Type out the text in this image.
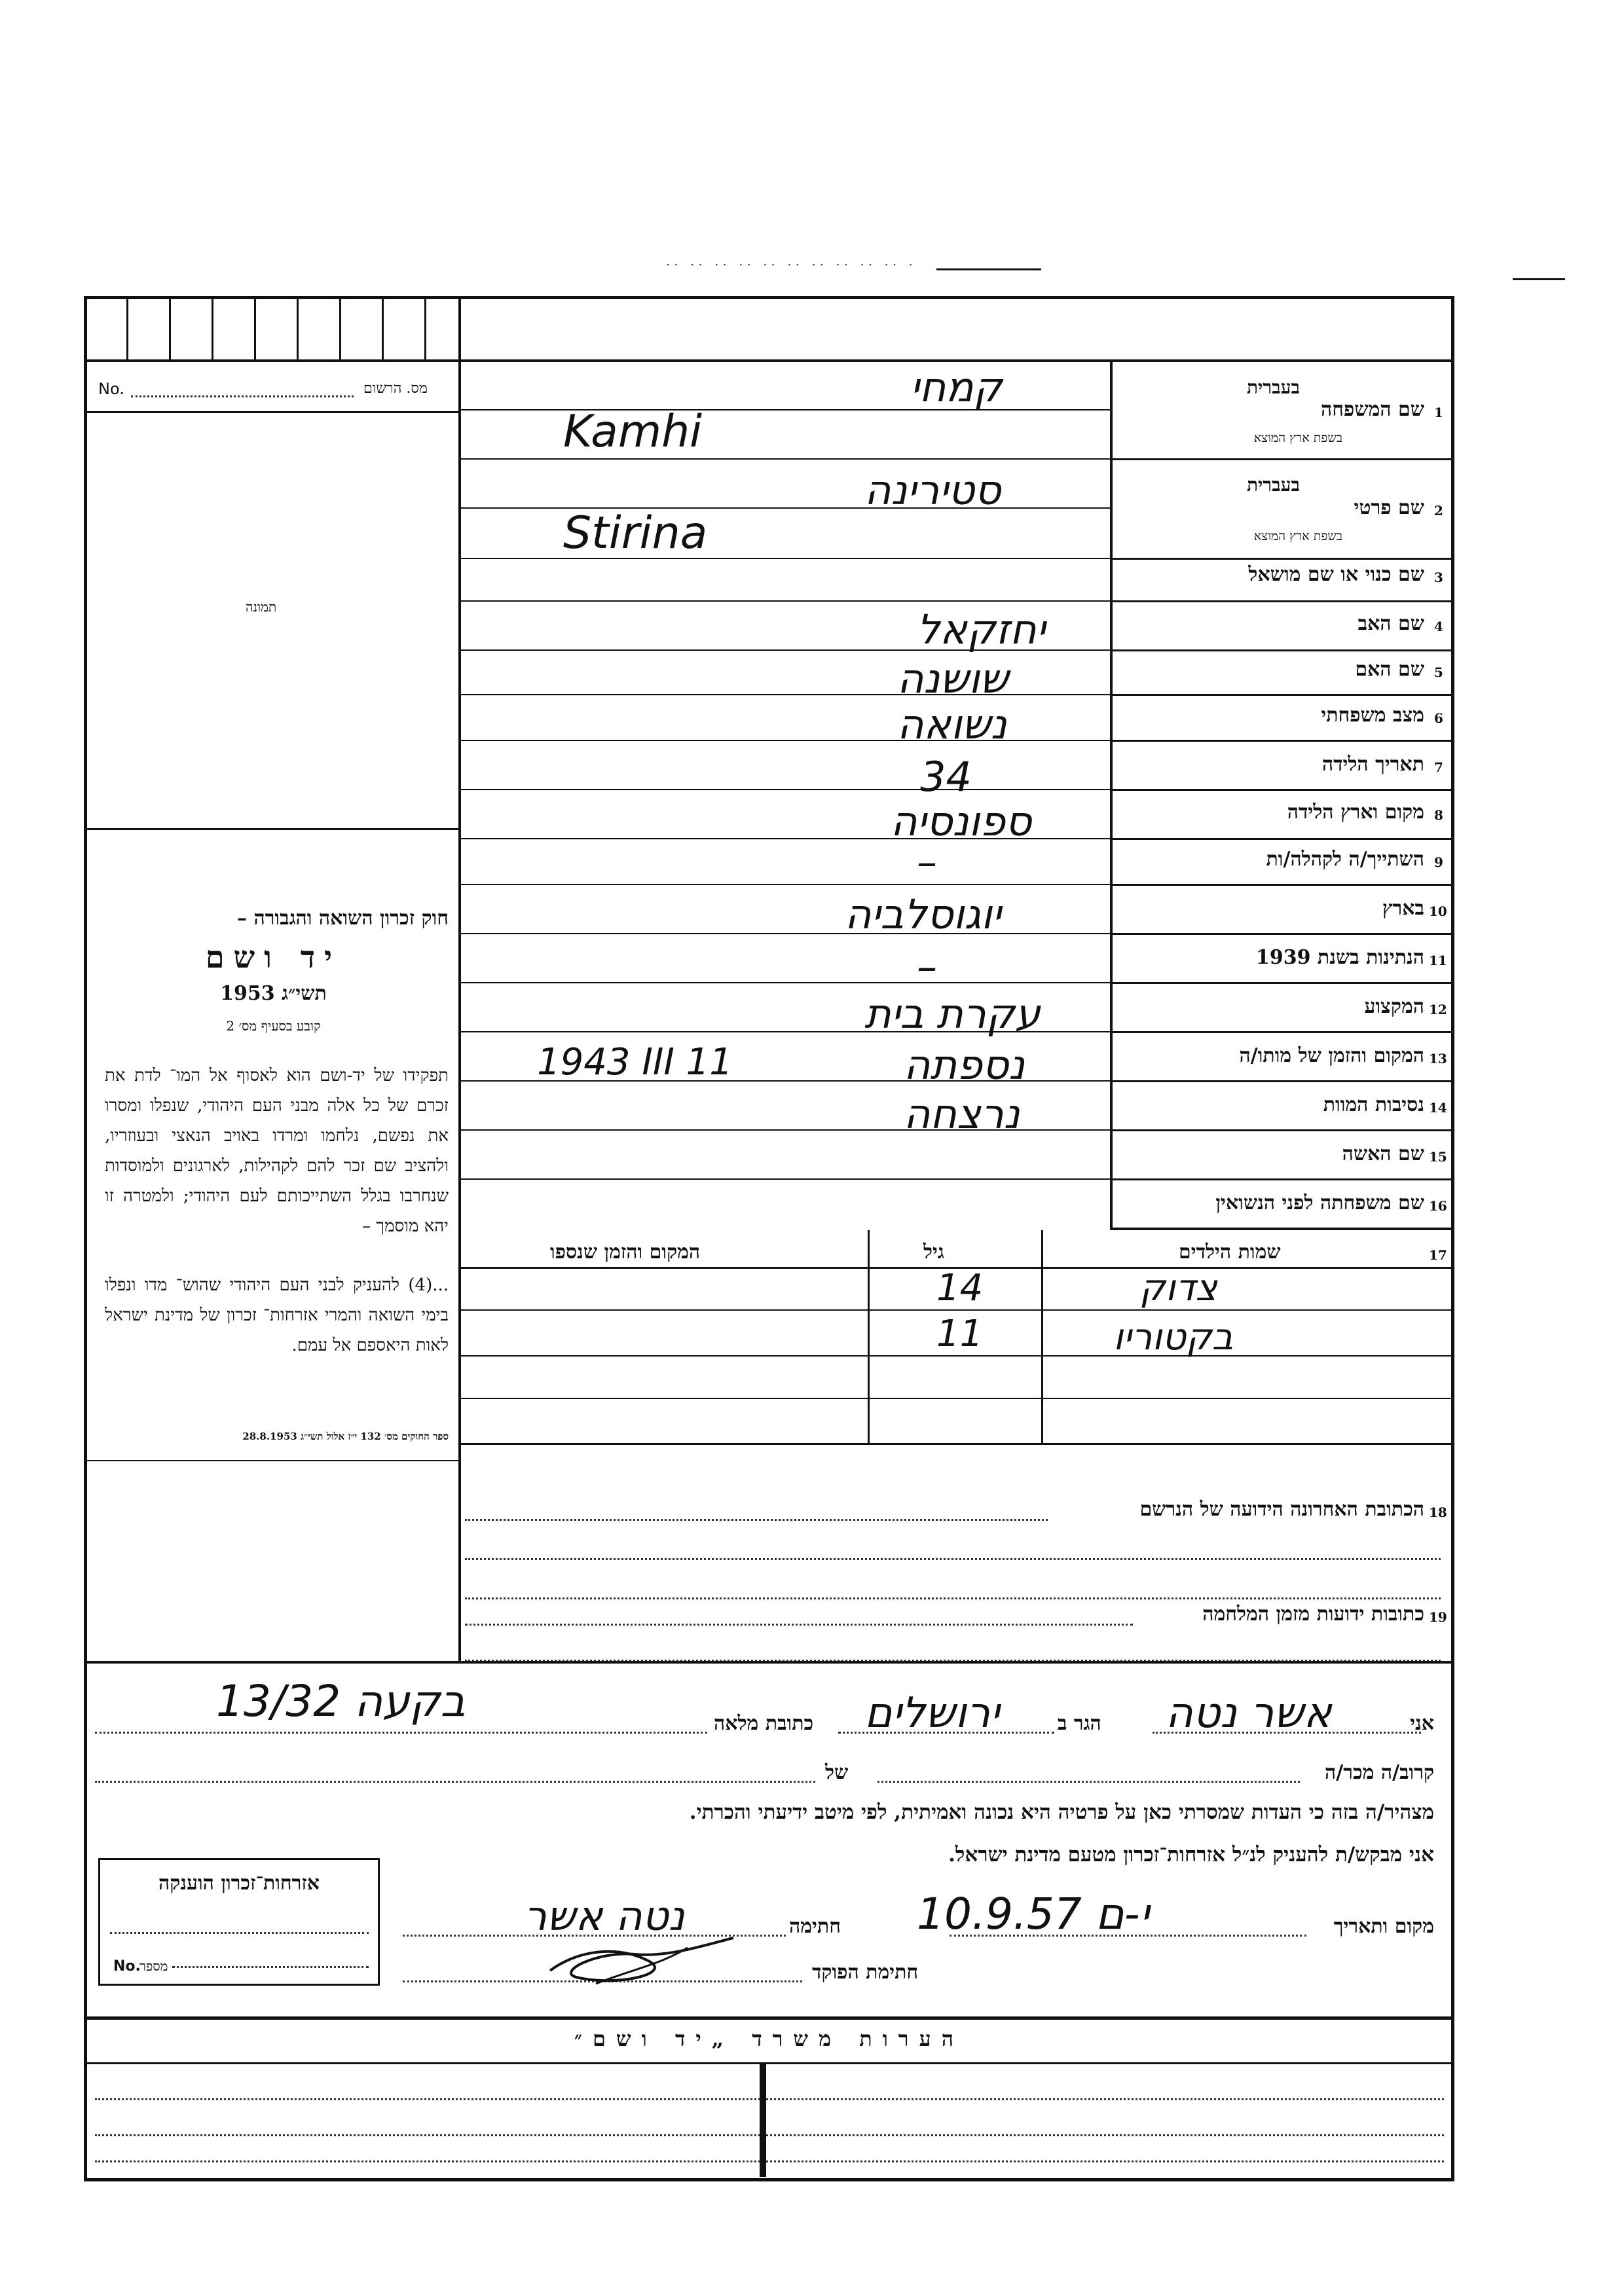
· ·· ·· ·· ·· ·· ·· ·· ·· ·· ··
No.	מס. הרשום
תמונה
חוק זכרון השואה והגבורה –
יד ושם
תשי״ג 1953
קובע בסעיף מס׳ 2
תפקידו של יד-ושם הוא לאסוף אל המו־ לדת את זכרם של כל אלה מבני העם היהודי, שנפלו ומסרו את נפשם, נלחמו ומרדו באויב הנאצי ובעוזריו, ולהציב שם זכר להם לקהילות, לארגונים ולמוסדות שנחרבו בגלל השתייכותם לעם היהודי; ולמטרה זו יהא מוסמך –
...(4) להעניק לבני העם היהודי שהוש־ מדו ונפלו בימי השואה והמרי אזרחות־ זכרון של מדינת ישראל לאות היאספם אל עמם.
ספר החוקים מס׳ 132 י״ז אלול תשי״ג 28.8.1953
1
שם המשפחה
בעברית
בשפת ארץ המוצא
קמחי
Kamhi
2
שם פרטי
בעברית
בשפת ארץ המוצא
סטירינה
Stirina
3
שם כנוי או שם מושאל
4
שם האב
יחזקאל
5
שם האם
שושנה
6
מצב משפחתי
נשואה
7
תאריך הלידה
34
8
מקום וארץ הלידה
ספונסיה
9
השתייך/ה לקהלה/ות
–
10
בארץ
יוגוסלביה
11
הנתינות בשנת 1939
–
12
המקצוע
עקרת בית
13
המקום והזמן של מותו/ה
נספתה
1943 III 11
14
נסיבות המוות
נרצחה
15
שם האשה
16
שם משפחתה לפני הנשואין
17
שמות הילדים
גיל
המקום והזמן שנספו
צדוק
14
בקטוריו
11
18
הכתובת האחרונה הידועה של הנרשם
19
כתובות ידועות מזמן המלחמה
אני
אשר נטה
הגר ב
ירושלים
כתובת מלאה
בקעה 13/32
קרוב/ה מכר/ה
של
מצהיר/ה בזה כי העדות שמסרתי כאן על פרטיה היא נכונה ואמיתית, לפי מיטב ידיעתי והכרתי.
אני מבקש/ת להעניק לנ״ל אזרחות־זכרון מטעם מדינת ישראל.
מקום ותאריך
י-ם 10.9.57
חתימה
נטה אשר
חתימת הפוקד
אזרחות־זכרון הוענקה
No.
מספר
הערות משרד „יד ושם״
